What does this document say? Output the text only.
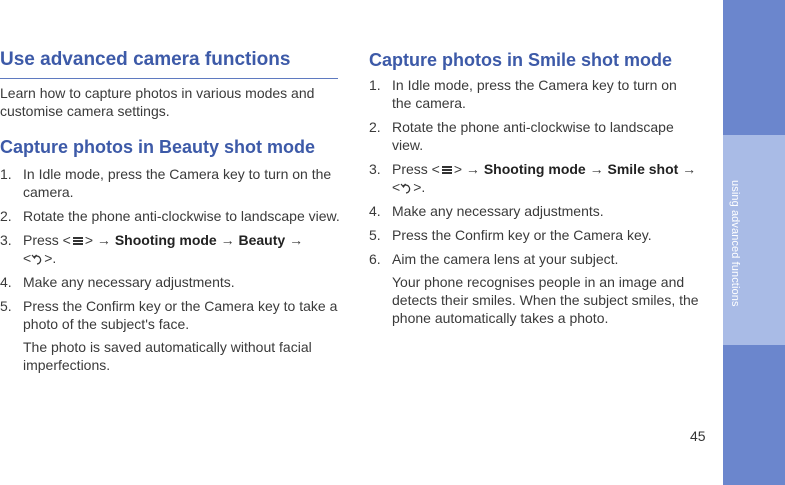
using advanced functions
45
Use advanced camera functions

Learn how to capture photos in various modes and customise camera settings.

Capture photos in Beauty shot mode
1. In Idle mode, press the Camera key to turn on the camera.
2. Rotate the phone anti-clockwise to landscape view.
3. Press < > → Shooting mode → Beauty →
< >.
4. Make any necessary adjustments.
5. Press the Confirm key or the Camera key to take a photo of the subject's face.
The photo is saved automatically without facial imperfections.
Capture photos in Smile shot mode
1. In Idle mode, press the Camera key to turn on the camera.
2. Rotate the phone anti-clockwise to landscape view.
3. Press < > → Shooting mode → Smile shot →
< >.
4. Make any necessary adjustments.
5. Press the Confirm key or the Camera key.
6. Aim the camera lens at your subject.
Your phone recognises people in an image and detects their smiles. When the subject smiles, the phone automatically takes a photo.
